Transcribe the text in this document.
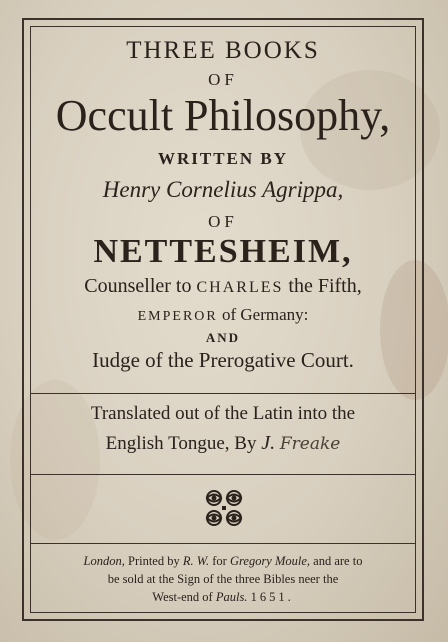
THREE BOOKS

OF

Occult Philosophy,

WRITTEN BY

Henry Cornelius Agrippa,

OF

NETTESHEIM,

Counseller to CHARLES the Fifth,

EMPEROR of Germany:

AND

Iudge of the Prerogative Court.

Translated out of the Latin into the

English Tongue, By J. Freake

London, Printed by R. W. for Gregory Moule, and are to

be sold at the Sign of the three Bibles neer the

West-end of Pauls. 1651.
